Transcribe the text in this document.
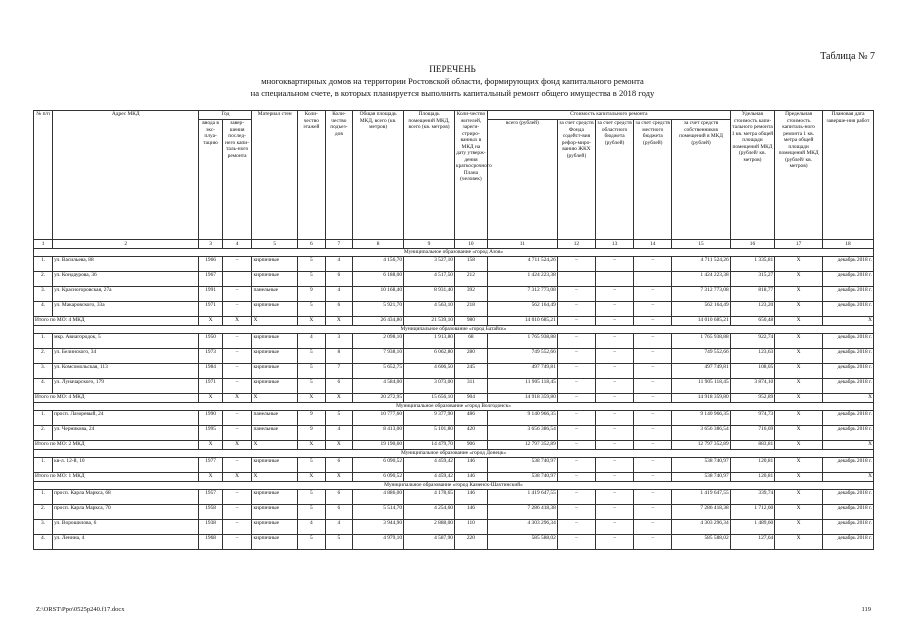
Таблица № 7
ПЕРЕЧЕНЬ
многоквартирных домов на территории Ростовской области, формирующих фонд капитального ремонта
на специальном счете, в которых планируется выполнить капитальный ремонт общего имущества в 2018 году
№ п/п	Адрес МКД	Год		Материал стен	Коли-чество этажей	Коли-чество подъез-дов	Общая площадь МКД, всего (кв. метров)	Площадь помещений МКД, всего (кв. метров)	Коли-чество жителей, зареги-стриро-ванных в МКД на дату утверж-дения краткосрочного Плана (человек)	Стоимость капитального ремонта					Удельная стоимость капи-тального ремонта 1 кв. метра общей площади помещений МКД (рублей/ кв. метров)	Предельная стоимость капиталь-ного ремонта 1 кв. метра общей площади помещений МКД (рублей/ кв. метров)	Плановая дата заверше-ния работ
		ввода в экс-плуа-тацию	завер-шения послед-него капи-таль-ного ремонта							всего (рублей)	за счет средств Фонда содейст-вия рефор-миро-ванию ЖКХ (рублей)	за счет средств областного бюджета (рублей)	за счет средств местного бюджета (рублей)	за счет средств собственников помещений в МКД (рублей)			
1	2	3	4	5	6	7	8	9	10	11	12	13	14	15	16	17	18
Муниципальное образование «город Азов»																	
1.	ул. Васильева, 88	1966	–	кирпичные	5	4	4 156,70	3 527,10	158	4 711 524,26	–	–	–	4 711 524,26	1 335,81	X	декабрь 2018 г.
2.	ул. Кондаурова, 36	1967		кирпичные	5	6	6 188,00	4 517,50	212	1 424 223,38				1 424 223,38	315,27	X	декабрь 2018 г.
3.	ул. Красногоровская, 27а	1991	–	панельные	9	4	10 168,40	8 931,40	392	7 312 773,08	–	–	–	7 312 773,08	818,77	X	декабрь 2018 г.
4.	ул. Макаровского, 33а	1971	–	кирпичные	5	6	5 921,70	4 563,10	218	562 164,49	–	–	–	562 164,49	123,20	X	декабрь 2018 г.
Итого по МО: 4 МКД		X	X	X	X	X	26 434,80	21 539,10	980	14 010 685,21	–	–	–	14 010 685,21	650,48	X	X
Муниципальное образование «город Батайск»																	
1.	мкр. Авиагородок, 5	1950	–	кирпичные	4	3	2 098,10	1 913,80	68	1 765 938,88	–	–	–	1 765 938,88	922,74	X	декабрь 2018 г.
2.	ул. Белинского, 34	1973	–	кирпичные	5	8	7 938,10	6 062,80	280	749 552,66	–	–	–	749 552,66	123,63	X	декабрь 2018 г.
3.	ул. Комсомольская, 113	1984	–	кирпичные	5	7	5 652,75	4 606,50	245	497 749,81	–	–	–	497 749,81	108,05	X	декабрь 2018 г.
4.	ул. Луначарского, 179	1971	–	кирпичные	5	6	4 584,00	3 073,00	311	11 905 118,45	–	–	–	11 905 118,45	3 874,10	X	декабрь 2018 г.
Итого по МО: 4 МКД		X	X	X	X	X	20 272,95	15 656,10	904	14 918 359,80	–	–	–	14 918 359,80	952,89	X	X
Муниципальное образование «город Волгодонск»																	
1.	просп. Лазоревый, 24	1990	–	панельные	9	5	10 777,60	9 377,90	486	9 140 966,35	–	–	–	9 140 966,35	974,73	X	декабрь 2018 г.
2.	ул. Черникова, 24	1995	–	панельные	9	4	8 413,00	5 101,80	420	3 656 386,54	–	–	–	3 656 386,54	716,69	X	декабрь 2018 г.
Итого по МО: 2 МКД		X	X	X	X	X	19 190,60	14 479,70	906	12 797 352,89	–	–	–	12 797 352,89	883,81	X	X
Муниципальное образование «город Донецк»																	
1.	кв-л. 12-й, 10	1977	–	кирпичные	5	6	6 090,52	4 459,42	146	538 740,97	–	–	–	538 740,97	120,81	X	декабрь 2018 г.
Итого по МО: 1 МКД		X	X	X	X	X	6 090,52	4 459,42	146	538 740,97	–	–	–	538 740,97	120,81	X	X
Муниципальное образование «город Каменск-Шахтинский»																	
1.	просп. Карла Маркса, 68	1957	–	кирпичные	5	6	4 886,00	4 178,65	146	1 419 647,55	–	–	–	1 419 647,55	339,74	X	декабрь 2018 г.
2.	просп. Карла Маркса, 70	1958	–	кирпичные	5	6	5 514,70	4 254,60	146	7 286 418,38	–	–	–	7 286 418,38	1 712,60	X	декабрь 2018 г.
3.	ул. Ворошилова, 6	1938	–	кирпичные	4	4	3 944,90	2 888,00	110	4 303 296,34	–	–	–	4 303 296,34	1 489,60	X	декабрь 2018 г.
4.	ул. Ленина, 4	1968	–	кирпичные	5	5	4 979,10	4 587,90	220	585 588,02	–	–	–	585 588,02	127,64	X	декабрь 2018 г.
Z:\ORST\Ppo\0525p240.f17.docx	119
